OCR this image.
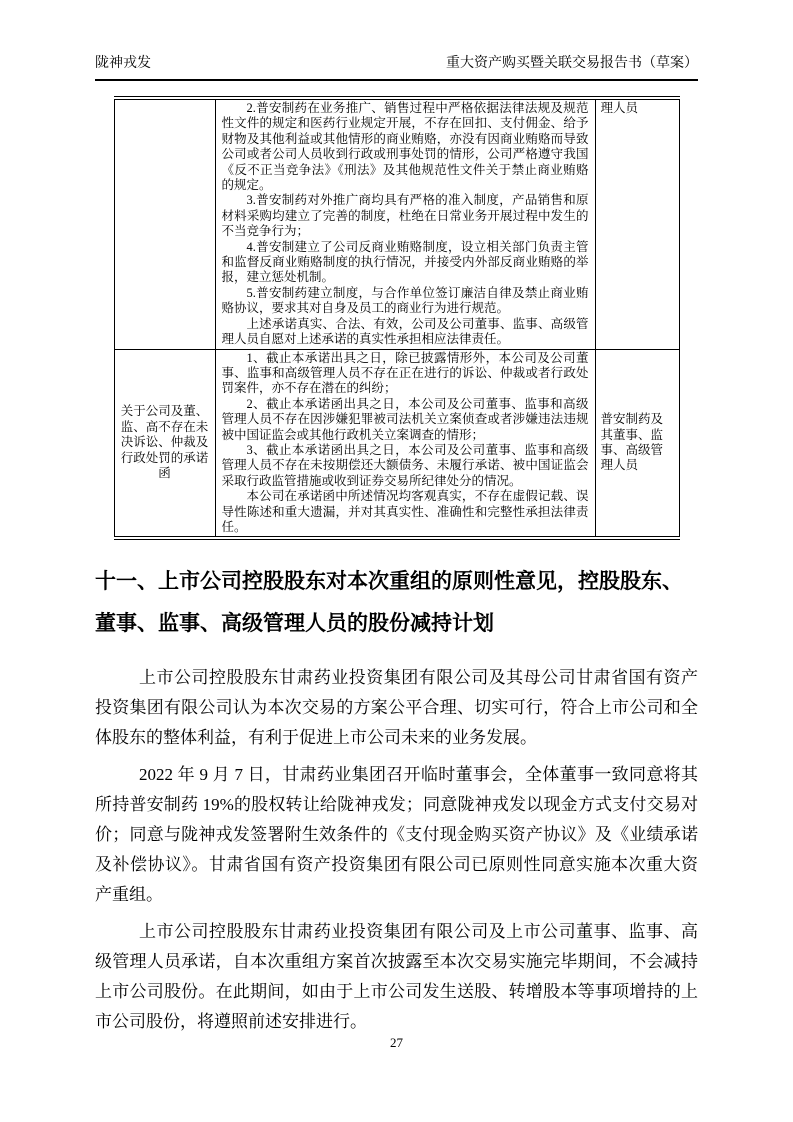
陇神戎发	重大资产购买暨关联交易报告书（草案）

	2.普安制药在业务推广、销售过程中严格依据法律法规及规范性文件的规定和医药行业规定开展，不存在回扣、支付佣金、给予财物及其他利益或其他情形的商业贿赂，亦没有因商业贿赂而导致公司或者公司人员收到行政或刑事处罚的情形，公司严格遵守我国《反不正当竞争法》《刑法》及其他规范性文件关于禁止商业贿赂的规定。

3.普安制药对外推广商均具有严格的准入制度，产品销售和原材料采购均建立了完善的制度，杜绝在日常业务开展过程中发生的不当竞争行为；

4.普安制建立了公司反商业贿赂制度，设立相关部门负责主管和监督反商业贿赂制度的执行情况，并接受内外部反商业贿赂的举报，建立惩处机制。

5.普安制药建立制度，与合作单位签订廉洁自律及禁止商业贿赂协议，要求其对自身及员工的商业行为进行规范。

上述承诺真实、合法、有效，公司及公司董事、监事、高级管理人员自愿对上述承诺的真实性承担相应法律责任。	理人员
关于公司及董、监、高不存在未决诉讼、仲裁及行政处罚的承诺函	1、截止本承诺出具之日，除已披露情形外，本公司及公司董事、监事和高级管理人员不存在正在进行的诉讼、仲裁或者行政处罚案件，亦不存在潜在的纠纷；

2、截止本承诺函出具之日，本公司及公司董事、监事和高级管理人员不存在因涉嫌犯罪被司法机关立案侦查或者涉嫌违法违规被中国证监会或其他行政机关立案调查的情形；

3、截止本承诺函出具之日，本公司及公司董事、监事和高级管理人员不存在未按期偿还大额债务、未履行承诺、被中国证监会采取行政监管措施或收到证券交易所纪律处分的情况。

本公司在承诺函中所述情况均客观真实，不存在虚假记载、误导性陈述和重大遗漏，并对其真实性、准确性和完整性承担法律责任。	普安制药及其董事、监事、高级管理人员
十一、上市公司控股股东对本次重组的原则性意见，控股股东、
董事、监事、高级管理人员的股份减持计划

上市公司控股股东甘肃药业投资集团有限公司及其母公司甘肃省国有资产投资集团有限公司认为本次交易的方案公平合理、切实可行，符合上市公司和全体股东的整体利益，有利于促进上市公司未来的业务发展。

2022 年 9 月 7 日，甘肃药业集团召开临时董事会，全体董事一致同意将其所持普安制药 19%的股权转让给陇神戎发；同意陇神戎发以现金方式支付交易对价；同意与陇神戎发签署附生效条件的《支付现金购买资产协议》及《业绩承诺及补偿协议》。甘肃省国有资产投资集团有限公司已原则性同意实施本次重大资产重组。

上市公司控股股东甘肃药业投资集团有限公司及上市公司董事、监事、高级管理人员承诺，自本次重组方案首次披露至本次交易实施完毕期间，不会减持上市公司股份。在此期间，如由于上市公司发生送股、转增股本等事项增持的上市公司股份，将遵照前述安排进行。

27
